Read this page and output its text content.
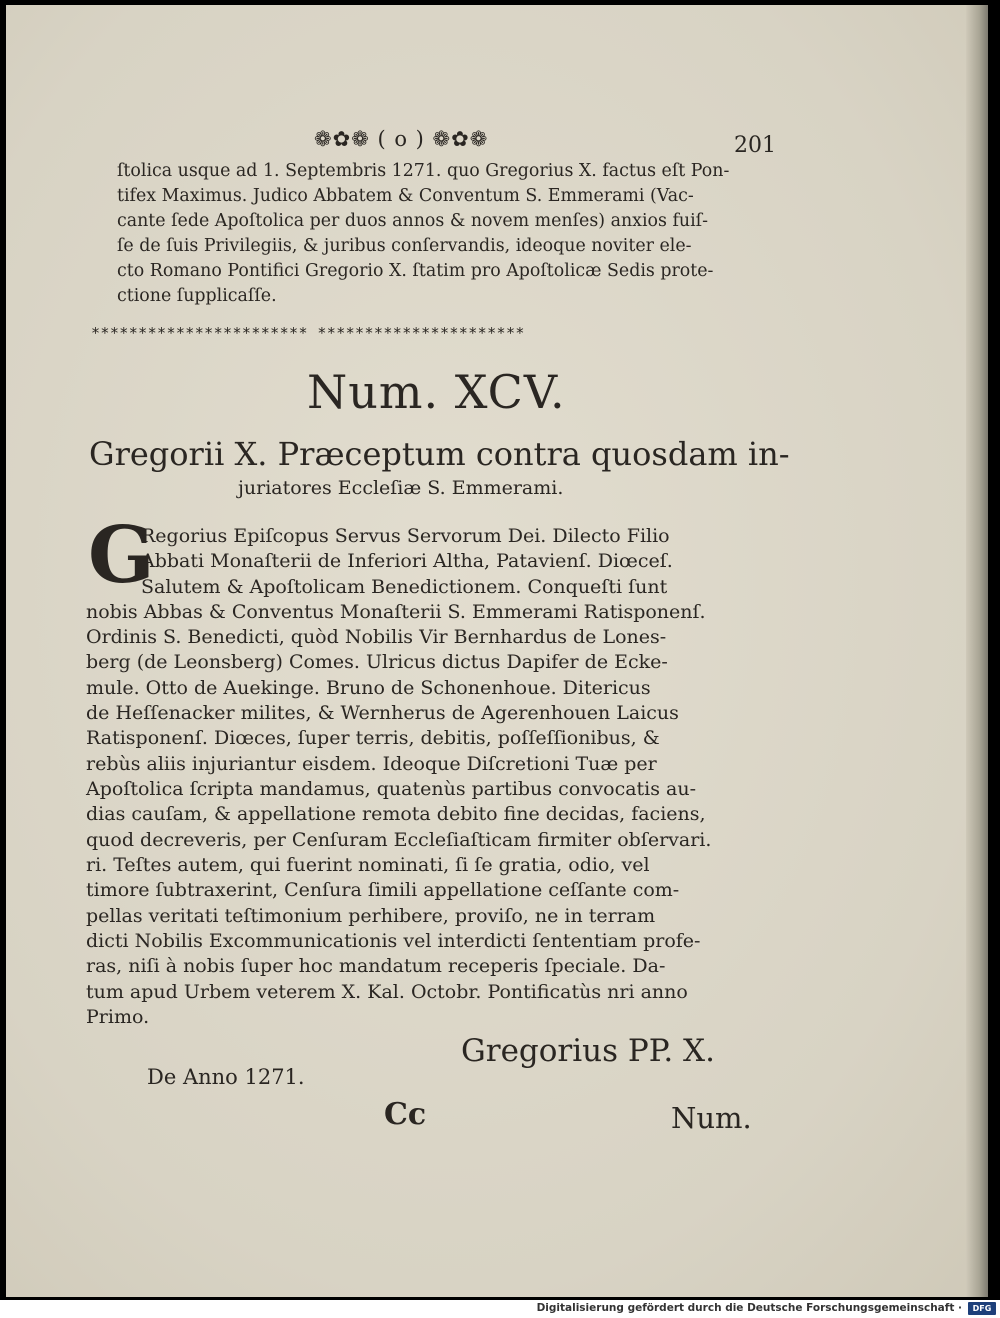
❁✿❁ ( o ) ❁✿❁	201
ſtolica usque ad 1. Septembris 1271. quo Gregorius X. factus eſt Pon-
tifex Maximus. Judico Abbatem & Conventum S. Emmerami (Vac-
cante ſede Apoſtolica per duos annos & novem menſes) anxios fuiſ-
ſe de ſuis Privilegiis, & juribus conſervandis, ideoque noviter ele-
cto Romano Pontifici Gregorio X. ſtatim pro Apoſtolicæ Sedis prote-
ctione ſupplicaſſe.
*********************** **********************
Num. XCV.
Gregorii X. Præceptum contra quosdam in-
juriatores Eccleſiæ S. Emmerami.
G
Regorius Epiſcopus Servus Servorum Dei. Dilecto Filio
Abbati Monaſterii de Inferiori Altha, Patavienſ. Diœceſ.
Salutem & Apoſtolicam Benedictionem. Conqueſti ſunt
nobis Abbas & Conventus Monaſterii S. Emmerami Ratisponenſ.
Ordinis S. Benedicti, quòd Nobilis Vir Bernhardus de Lones-
berg (de Leonsberg) Comes. Ulricus dictus Dapifer de Ecke-
mule. Otto de Auekinge. Bruno de Schonenhoue. Ditericus
de Heſſenacker milites, & Wernherus de Agerenhouen Laicus
Ratisponenſ. Diœces, ſuper terris, debitis, poſſeſſionibus, &
rebùs aliis injuriantur eisdem. Ideoque Diſcretioni Tuæ per
Apoſtolica ſcripta mandamus, quatenùs partibus convocatis au-
dias cauſam, & appellatione remota debito fine decidas, faciens,
quod decreveris, per Cenſuram Eccleſiaſticam firmiter obſervari.
ri. Teſtes autem, qui fuerint nominati, ſi ſe gratia, odio, vel
timore ſubtraxerint, Cenſura ſimili appellatione ceſſante com-
pellas veritati teſtimonium perhibere, proviſo, ne in terram
dicti Nobilis Excommunicationis vel interdicti ſententiam profe-
ras, niſi à nobis ſuper hoc mandatum receperis ſpeciale. Da-
tum apud Urbem veterem X. Kal. Octobr. Pontificatùs nri anno
Primo.
Gregorius PP. X.
De Anno 1271.
Cc	Num.
Digitalisierung gefördert durch die Deutsche Forschungsgemeinschaft ·	DFG
